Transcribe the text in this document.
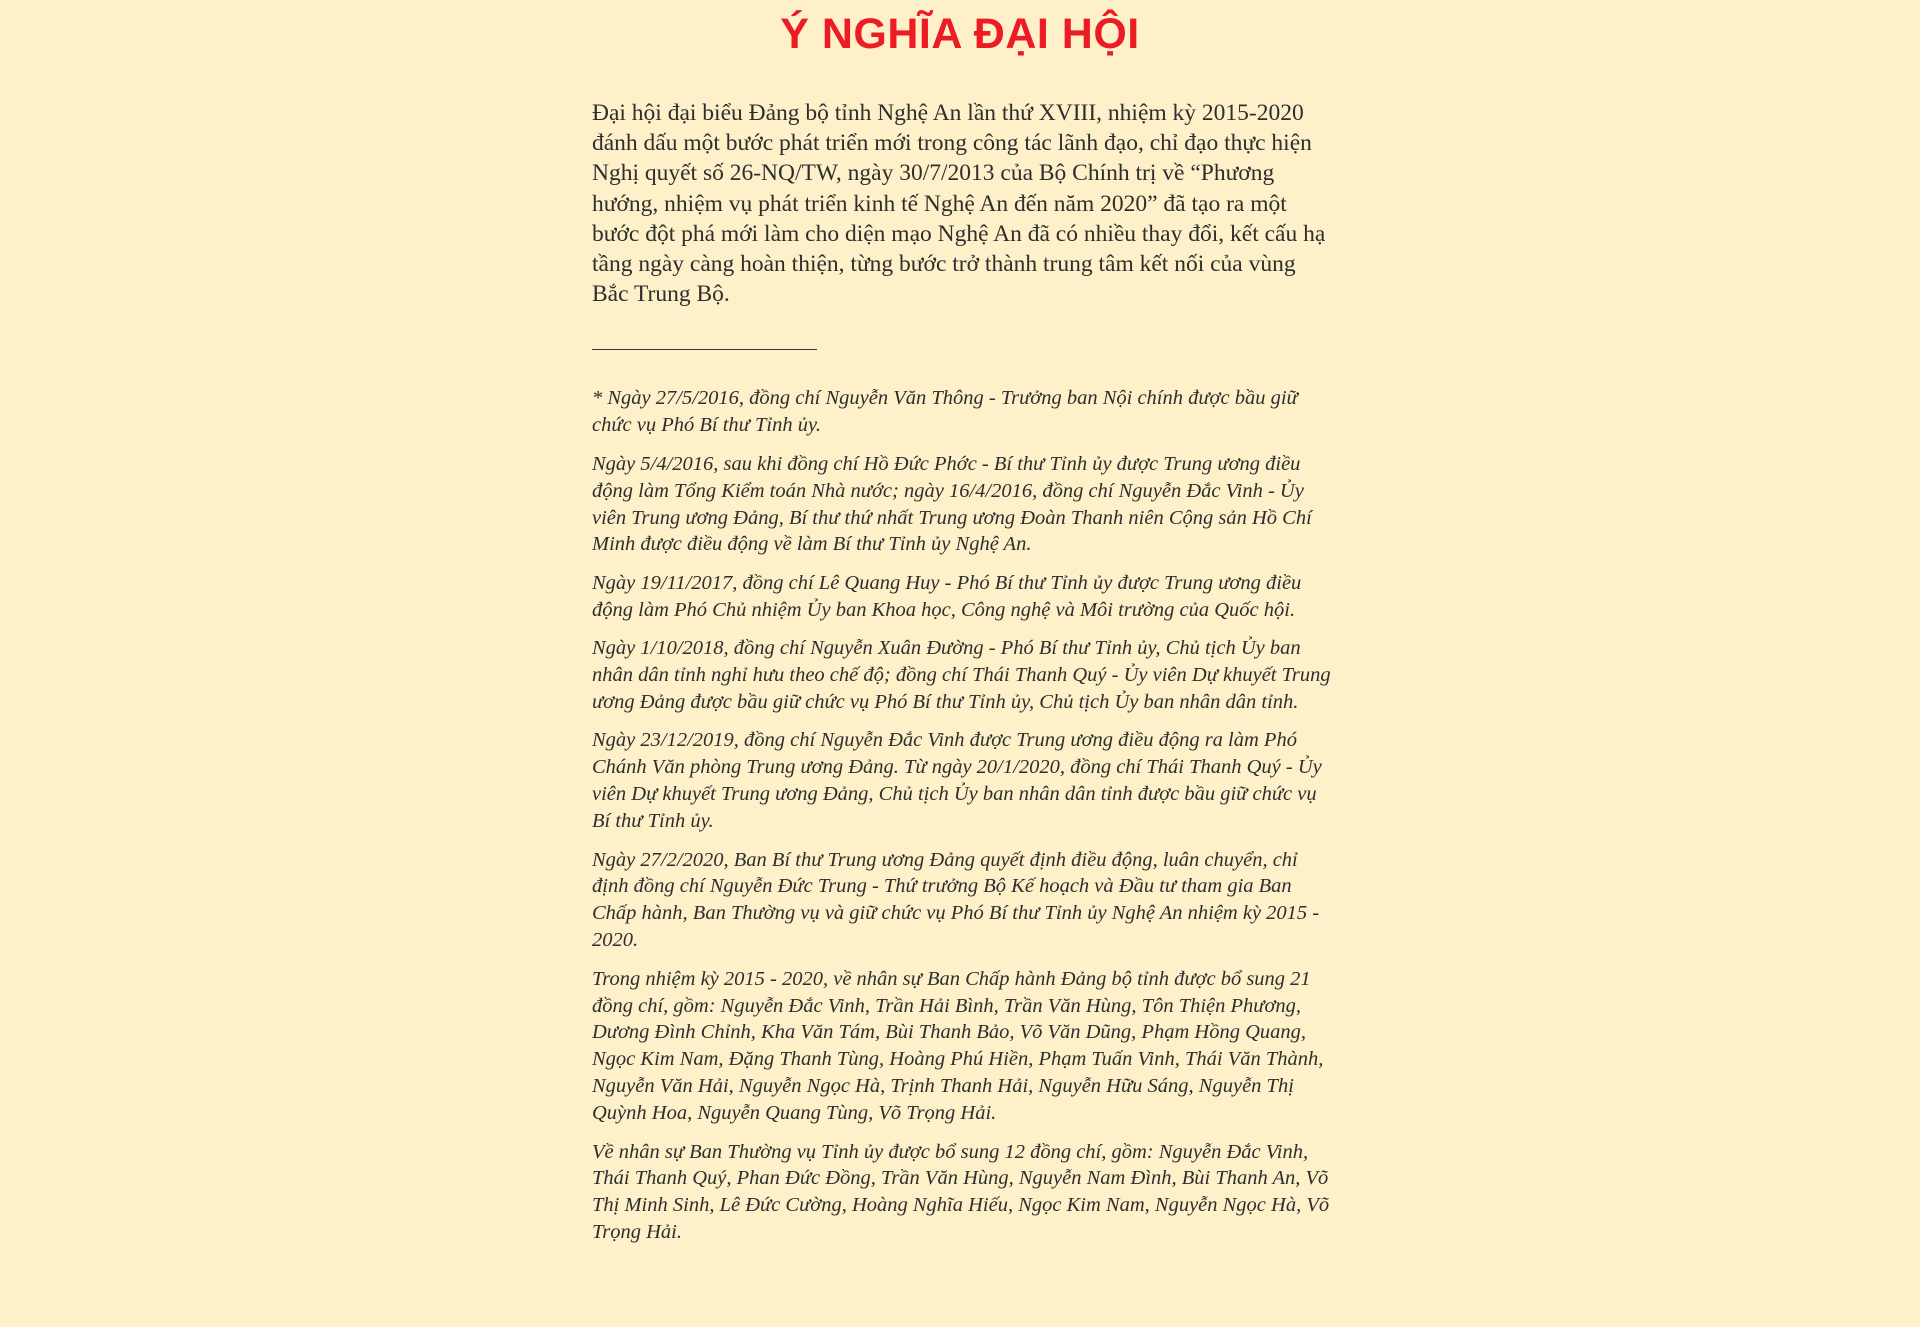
Ý NGHĨA ĐẠI HỘI

Đại hội đại biểu Đảng bộ tỉnh Nghệ An lần thứ XVIII, nhiệm kỳ 2015-2020 đánh dấu một bước phát triển mới trong công tác lãnh đạo, chỉ đạo thực hiện Nghị quyết số 26-NQ/TW, ngày 30/7/2013 của Bộ Chính trị về “Phương hướng, nhiệm vụ phát triển kinh tế Nghệ An đến năm 2020” đã tạo ra một bước đột phá mới làm cho diện mạo Nghệ An đã có nhiều thay đổi, kết cấu hạ tầng ngày càng hoàn thiện, từng bước trở thành trung tâm kết nối của vùng Bắc Trung Bộ.

* Ngày 27/5/2016, đồng chí Nguyễn Văn Thông - Trưởng ban Nội chính được bầu giữ chức vụ Phó Bí thư Tỉnh ủy.

Ngày 5/4/2016, sau khi đồng chí Hồ Đức Phớc - Bí thư Tỉnh ủy được Trung ương điều động làm Tổng Kiểm toán Nhà nước; ngày 16/4/2016, đồng chí Nguyễn Đắc Vinh - Ủy viên Trung ương Đảng, Bí thư thứ nhất Trung ương Đoàn Thanh niên Cộng sản Hồ Chí Minh được điều động về làm Bí thư Tỉnh ủy Nghệ An.

Ngày 19/11/2017, đồng chí Lê Quang Huy - Phó Bí thư Tỉnh ủy được Trung ương điều động làm Phó Chủ nhiệm Ủy ban Khoa học, Công nghệ và Môi trường của Quốc hội.

Ngày 1/10/2018, đồng chí Nguyễn Xuân Đường - Phó Bí thư Tỉnh ủy, Chủ tịch Ủy ban nhân dân tỉnh nghỉ hưu theo chế độ; đồng chí Thái Thanh Quý - Ủy viên Dự khuyết Trung ương Đảng được bầu giữ chức vụ Phó Bí thư Tỉnh ủy, Chủ tịch Ủy ban nhân dân tỉnh.

Ngày 23/12/2019, đồng chí Nguyễn Đắc Vinh được Trung ương điều động ra làm Phó Chánh Văn phòng Trung ương Đảng. Từ ngày 20/1/2020, đồng chí Thái Thanh Quý - Ủy viên Dự khuyết Trung ương Đảng, Chủ tịch Ủy ban nhân dân tỉnh được bầu giữ chức vụ Bí thư Tỉnh ủy.

Ngày 27/2/2020, Ban Bí thư Trung ương Đảng quyết định điều động, luân chuyển, chỉ định đồng chí Nguyễn Đức Trung - Thứ trưởng Bộ Kế hoạch và Đầu tư tham gia Ban Chấp hành, Ban Thường vụ và giữ chức vụ Phó Bí thư Tỉnh ủy Nghệ An nhiệm kỳ 2015 - 2020.

Trong nhiệm kỳ 2015 - 2020, về nhân sự Ban Chấp hành Đảng bộ tỉnh được bổ sung 21 đồng chí, gồm: Nguyễn Đắc Vinh, Trần Hải Bình, Trần Văn Hùng, Tôn Thiện Phương, Dương Đình Chỉnh, Kha Văn Tám, Bùi Thanh Bảo, Võ Văn Dũng, Phạm Hồng Quang, Ngọc Kim Nam, Đặng Thanh Tùng, Hoàng Phú Hiền, Phạm Tuấn Vinh, Thái Văn Thành, Nguyễn Văn Hải, Nguyễn Ngọc Hà, Trịnh Thanh Hải, Nguyễn Hữu Sáng, Nguyễn Thị Quỳnh Hoa, Nguyễn Quang Tùng, Võ Trọng Hải.

Về nhân sự Ban Thường vụ Tỉnh ủy được bổ sung 12 đồng chí, gồm: Nguyễn Đắc Vinh, Thái Thanh Quý, Phan Đức Đồng, Trần Văn Hùng, Nguyễn Nam Đình, Bùi Thanh An, Võ Thị Minh Sinh, Lê Đức Cường, Hoàng Nghĩa Hiếu, Ngọc Kim Nam, Nguyễn Ngọc Hà, Võ Trọng Hải.
